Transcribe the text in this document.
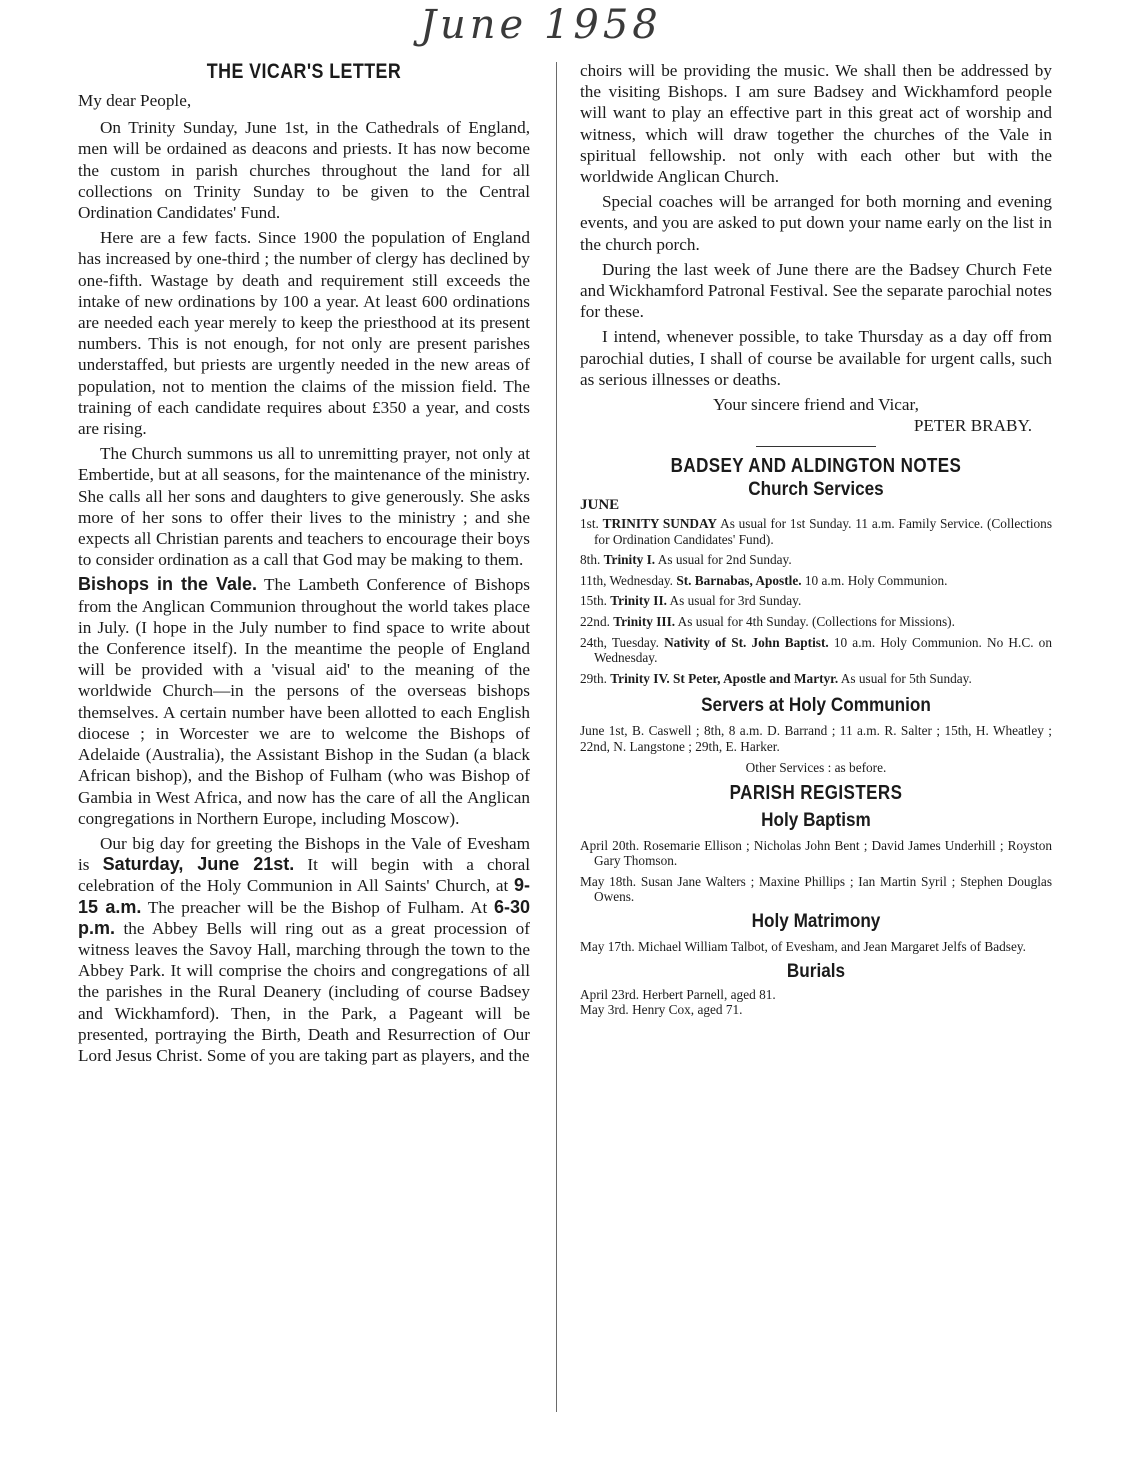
June 1958
THE VICAR'S LETTER

My dear People,

On Trinity Sunday, June 1st, in the Cathedrals of England, men will be ordained as deacons and priests. It has now become the custom in parish churches throughout the land for all collections on Trinity Sunday to be given to the Central Ordination Candidates' Fund.

Here are a few facts. Since 1900 the population of England has increased by one-third ; the number of clergy has declined by one-fifth. Wastage by death and requirement still exceeds the intake of new ordinations by 100 a year. At least 600 ordinations are needed each year merely to keep the priesthood at its present numbers. This is not enough, for not only are present parishes understaffed, but priests are urgently needed in the new areas of population, not to mention the claims of the mission field. The training of each candidate requires about £350 a year, and costs are rising.

The Church summons us all to unremitting prayer, not only at Embertide, but at all seasons, for the maintenance of the ministry. She calls all her sons and daughters to give generously. She asks more of her sons to offer their lives to the ministry ; and she expects all Christian parents and teachers to encourage their boys to consider ordination as a call that God may be making to them.

Bishops in the Vale. The Lambeth Conference of Bishops from the Anglican Communion throughout the world takes place in July. (I hope in the July number to find space to write about the Conference itself). In the meantime the people of England will be provided with a 'visual aid' to the meaning of the worldwide Church—in the persons of the overseas bishops themselves. A certain number have been allotted to each English diocese ; in Worcester we are to welcome the Bishops of Adelaide (Australia), the Assistant Bishop in the Sudan (a black African bishop), and the Bishop of Fulham (who was Bishop of Gambia in West Africa, and now has the care of all the Anglican congregations in Northern Europe, including Moscow).

Our big day for greeting the Bishops in the Vale of Evesham is Saturday, June 21st. It will begin with a choral celebration of the Holy Communion in All Saints' Church, at 9-15 a.m. The preacher will be the Bishop of Fulham. At 6-30 p.m. the Abbey Bells will ring out as a great procession of witness leaves the Savoy Hall, marching through the town to the Abbey Park. It will comprise the choirs and congregations of all the parishes in the Rural Deanery (including of course Badsey and Wickhamford). Then, in the Park, a Pageant will be presented, portraying the Birth, Death and Resurrection of Our Lord Jesus Christ. Some of you are taking part as players, and the

choirs will be providing the music. We shall then be addressed by the visiting Bishops. I am sure Badsey and Wickhamford people will want to play an effective part in this great act of worship and witness, which will draw together the churches of the Vale in spiritual fellowship. not only with each other but with the worldwide Anglican Church.

Special coaches will be arranged for both morning and evening events, and you are asked to put down your name early on the list in the church porch.

During the last week of June there are the Badsey Church Fete and Wickhamford Patronal Festival. See the separate parochial notes for these.

I intend, whenever possible, to take Thursday as a day off from parochial duties, I shall of course be available for urgent calls, such as serious illnesses or deaths.

Your sincere friend and Vicar,

PETER BRABY.

BADSEY AND ALDINGTON NOTES
Church Services
JUNE

1st. TRINITY SUNDAY As usual for 1st Sunday. 11 a.m. Family Service. (Collections for Ordination Candidates' Fund).

8th. Trinity I. As usual for 2nd Sunday.

11th, Wednesday. St. Barnabas, Apostle. 10 a.m. Holy Communion.

15th. Trinity II. As usual for 3rd Sunday.

22nd. Trinity III. As usual for 4th Sunday. (Collections for Missions).

24th, Tuesday. Nativity of St. John Baptist. 10 a.m. Holy Communion. No H.C. on Wednesday.

29th. Trinity IV. St Peter, Apostle and Martyr. As usual for 5th Sunday.

Servers at Holy Communion

June 1st, B. Caswell ; 8th, 8 a.m. D. Barrand ; 11 a.m. R. Salter ; 15th, H. Wheatley ; 22nd, N. Langstone ; 29th, E. Harker.

Other Services : as before.

PARISH REGISTERS
Holy Baptism

April 20th. Rosemarie Ellison ; Nicholas John Bent ; David James Underhill ; Royston Gary Thomson.

May 18th. Susan Jane Walters ; Maxine Phillips ; Ian Martin Syril ; Stephen Douglas Owens.

Holy Matrimony

May 17th. Michael William Talbot, of Evesham, and Jean Margaret Jelfs of Badsey.

Burials

April 23rd. Herbert Parnell, aged 81.

May 3rd. Henry Cox, aged 71.
